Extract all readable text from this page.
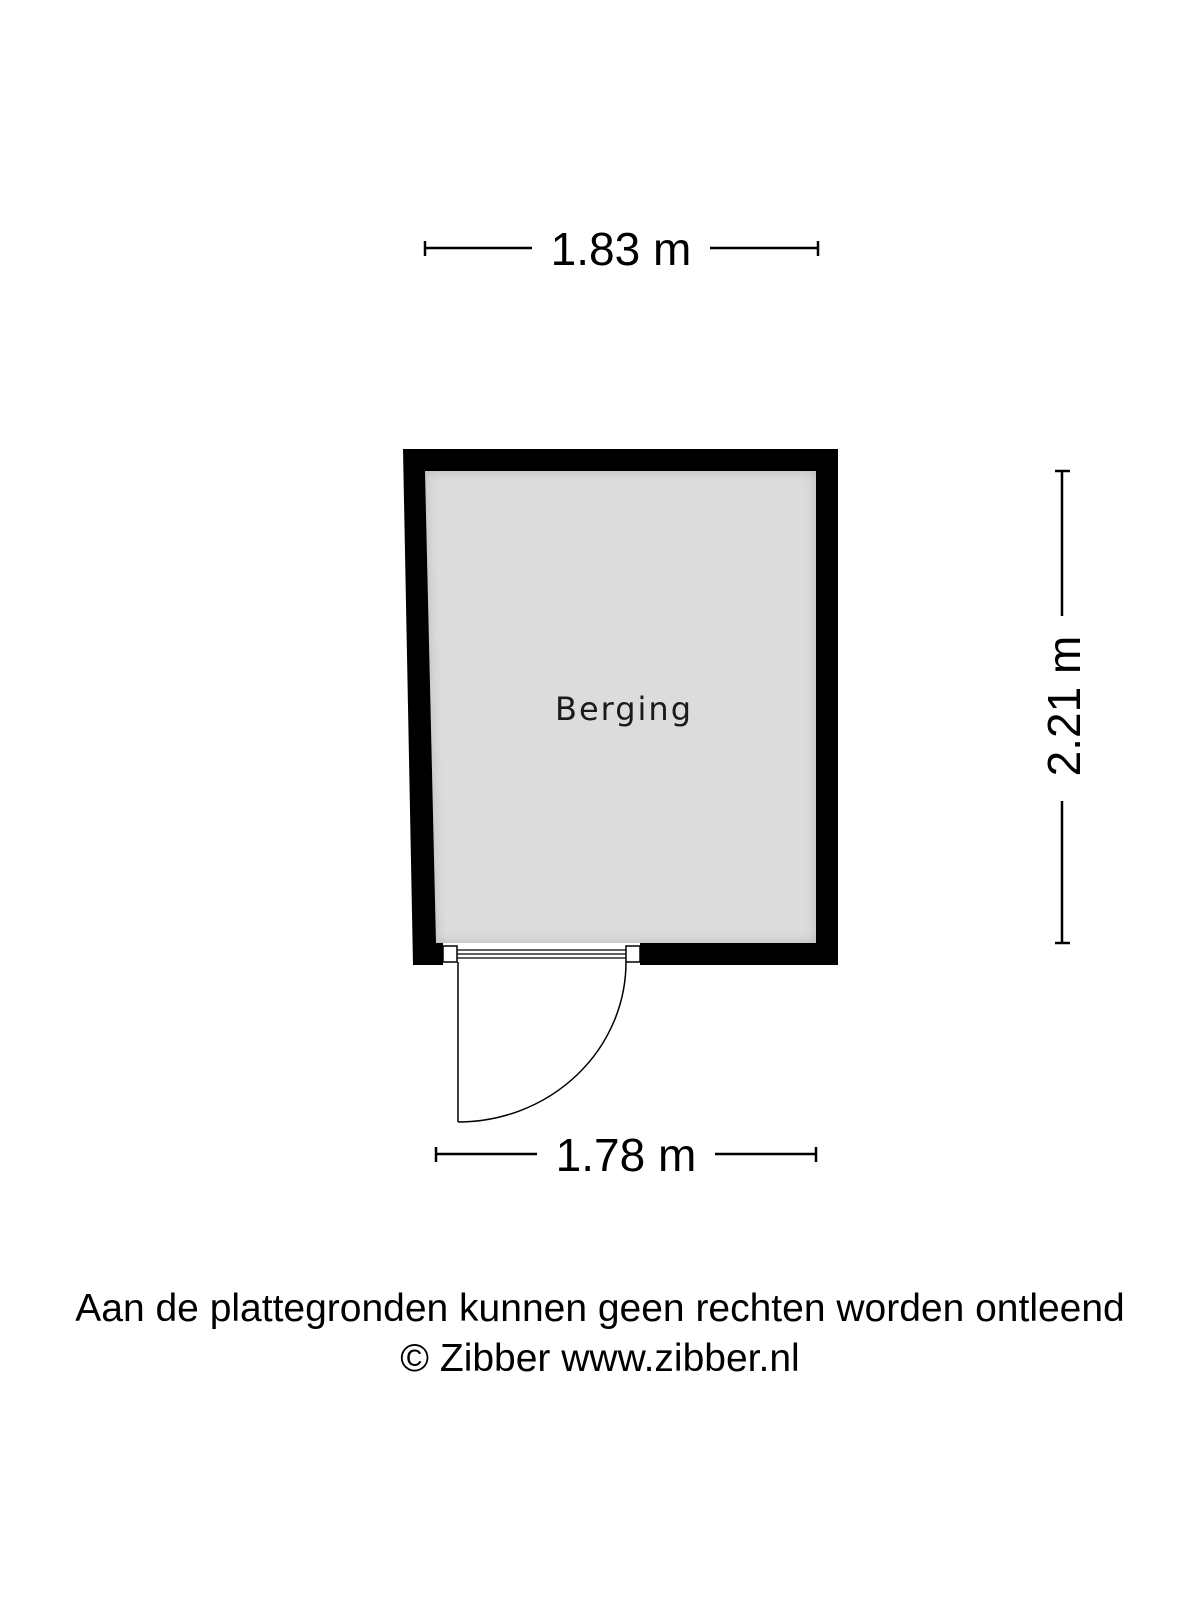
1.83 m
Berging	2.21 m
1.78 m
Aan de plattegronden kunnen geen rechten worden ontleend
© Zibber www.zibber.nl
